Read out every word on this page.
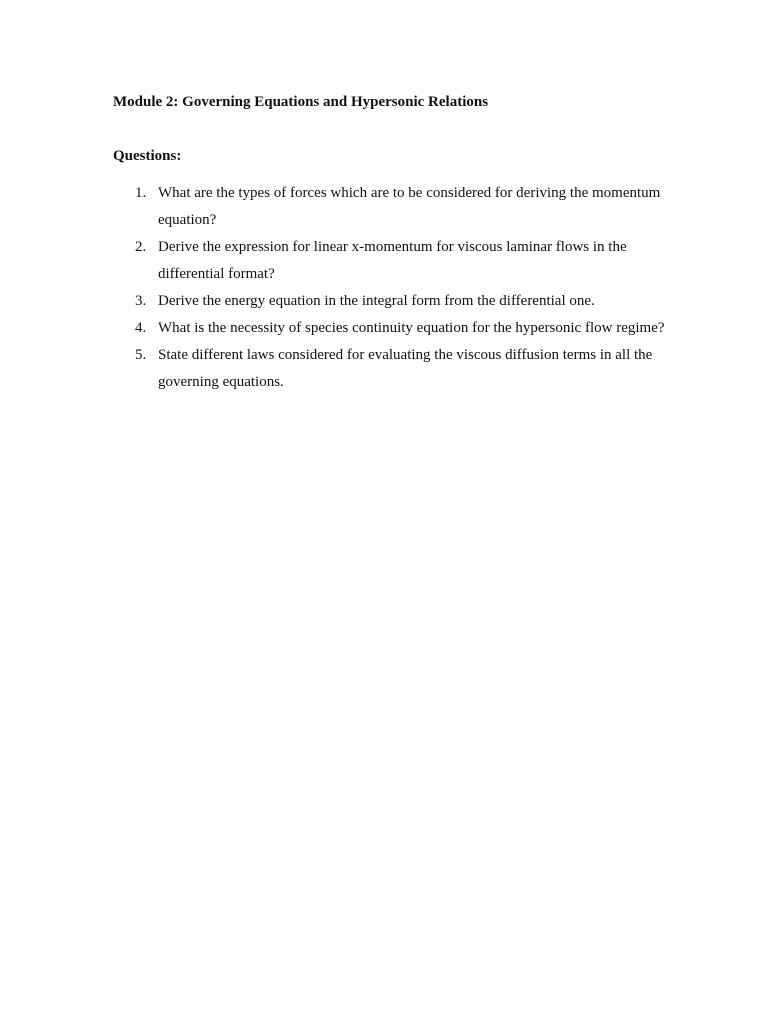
Module 2: Governing Equations and Hypersonic Relations
Questions:
1. What are the types of forces which are to be considered for deriving the momentum equation?
2. Derive the expression for linear x-momentum for viscous laminar flows in the differential format?
3. Derive the energy equation in the integral form from the differential one.
4. What is the necessity of species continuity equation for the hypersonic flow regime?
5. State different laws considered for evaluating the viscous diffusion terms in all the governing equations.
